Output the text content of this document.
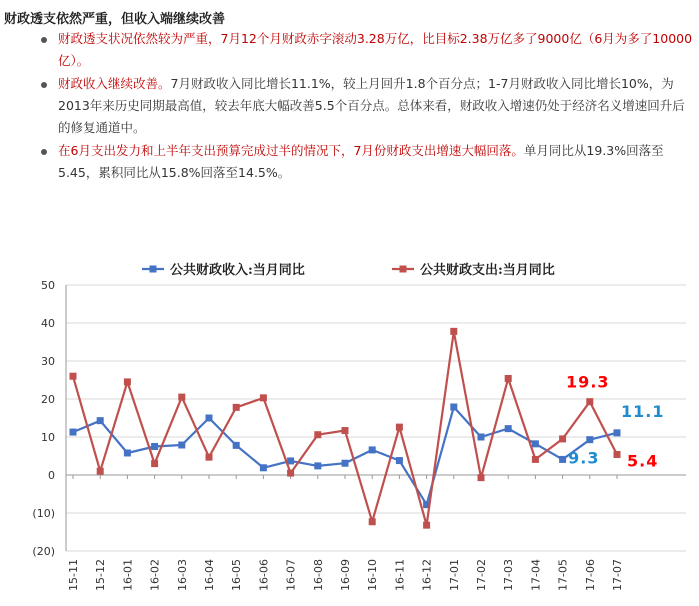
财政透支依然严重，但收入端继续改善
财政透支状况依然较为严重，7月12个月财政赤字滚动3.28万亿，比目标2.38万亿多了9000亿（6月为多了10000亿）。
财政收入继续改善。7月财政收入同比增长11.1%，较上月回升1.8个百分点；1-7月财政收入同比增长10%，为2013年来历史同期最高值，较去年底大幅改善5.5个百分点。总体来看，财政收入增速仍处于经济名义增速回升后的修复通道中。
在6月支出发力和上半年支出预算完成过半的情况下，7月份财政支出增速大幅回落。单月同比从19.3%回落至5.45，累积同比从15.8%回落至14.5%。
(20)
(10)
0
10
20
30
40
50
15-11 15-12 16-01 16-02 16-03 16-04 16-05 16-06 16-07 16-08 16-09 16-10 16-11 16-12 17-01 17-02 17-03 17-04 17-05 17-06 17-07
19.3
5.4
11.1
9.3
公共财政收入:当月同比	公共财政支出:当月同比
